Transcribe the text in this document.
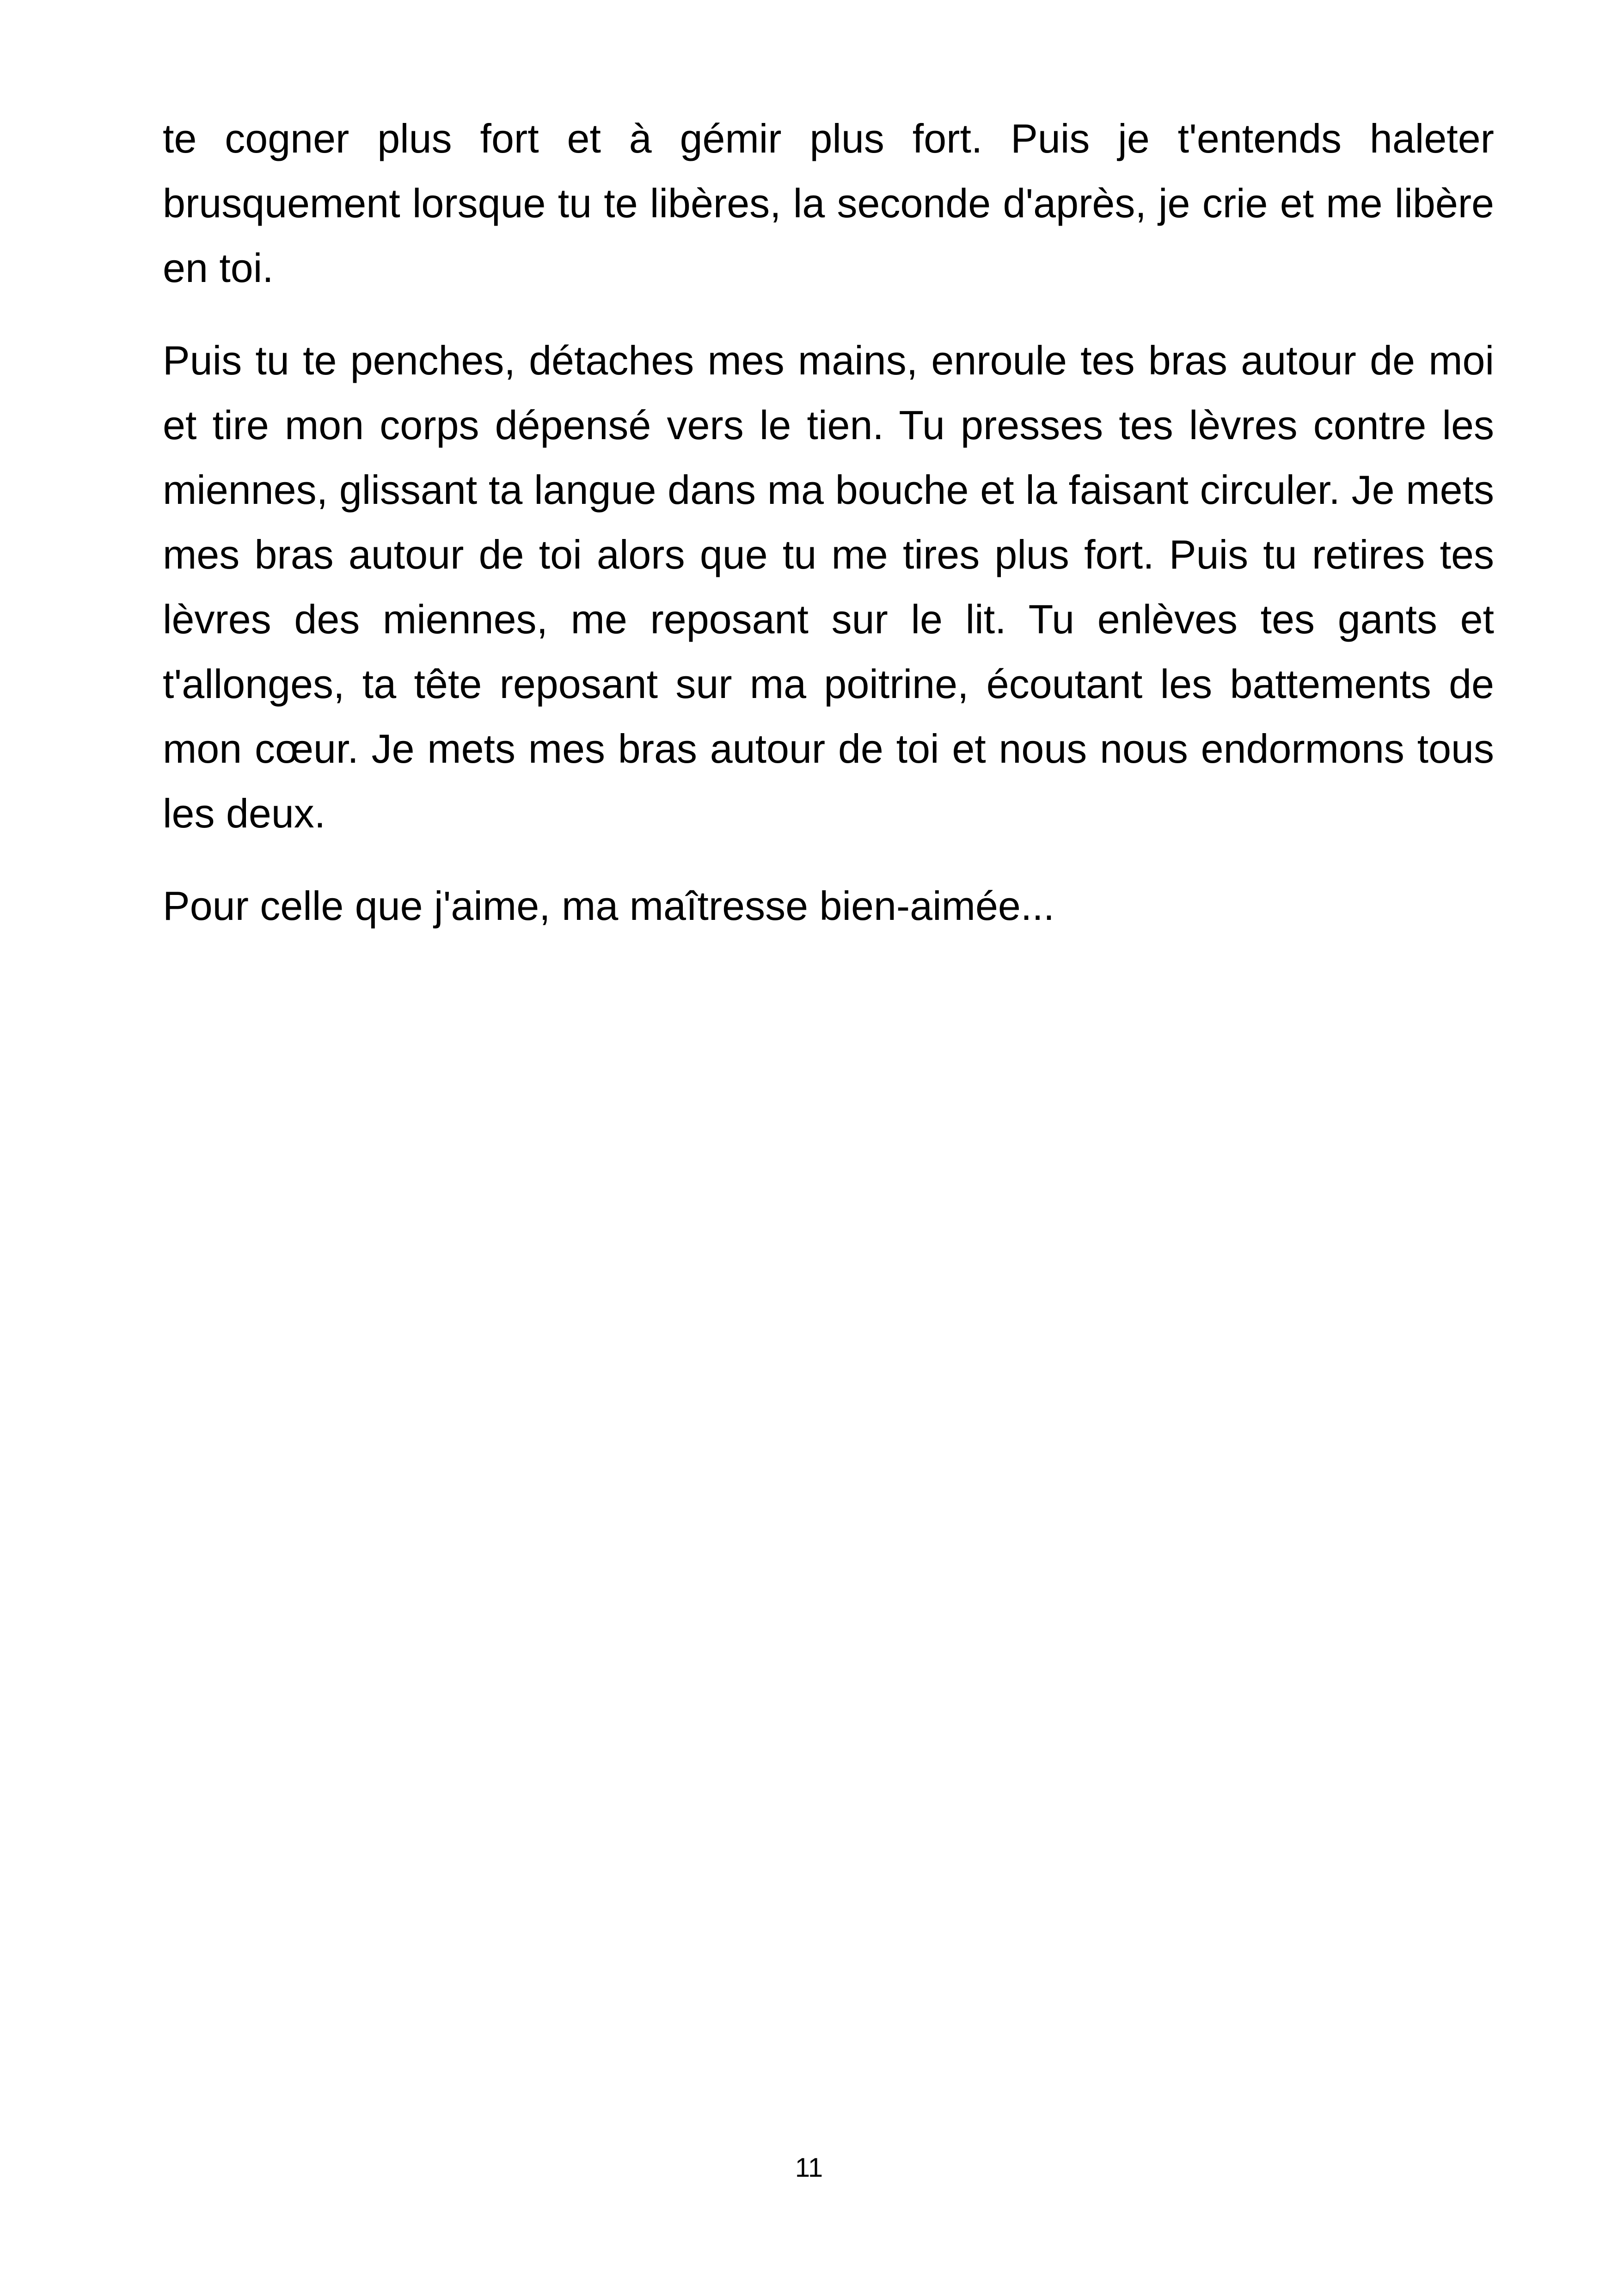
te cogner plus fort et à gémir plus fort. Puis je t'entends haleter brusquement lorsque tu te libères, la seconde d'après, je crie et me libère en toi.

Puis tu te penches, détaches mes mains, enroule tes bras autour de moi et tire mon corps dépensé vers le tien. Tu presses tes lèvres contre les miennes, glissant ta langue dans ma bouche et la faisant circuler. Je mets mes bras autour de toi alors que tu me tires plus fort. Puis tu retires tes lèvres des miennes, me reposant sur le lit. Tu enlèves tes gants et t'allonges, ta tête reposant sur ma poitrine, écoutant les battements de mon cœur. Je mets mes bras autour de toi et nous nous endormons tous les deux.

Pour celle que j'aime, ma maîtresse bien-aimée...

11
